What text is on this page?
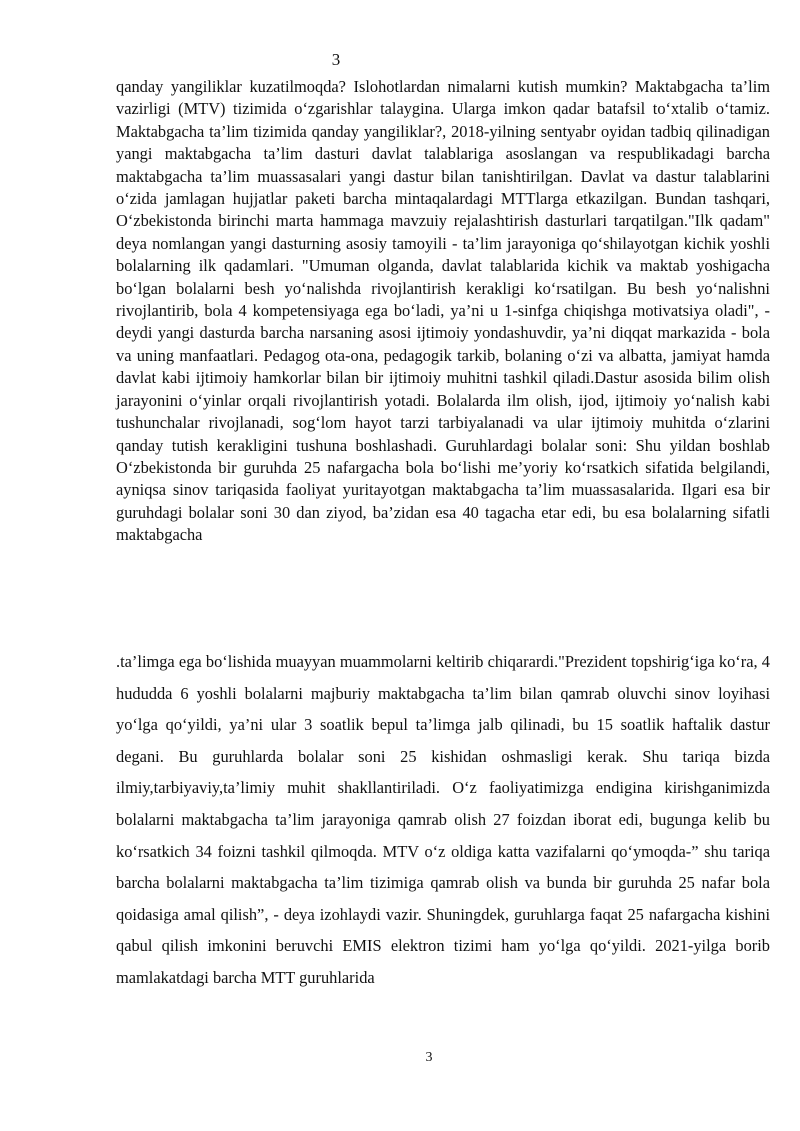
3

qanday yangiliklar kuzatilmoqda? Islohotlardan nimalarni kutish mumkin? Maktabgacha ta’lim vazirligi (MTV) tizimida o‘zgarishlar talaygina. Ularga imkon qadar batafsil to‘xtalib o‘tamiz. Maktabgacha ta’lim tizimida qanday yangiliklar?, 2018-yilning sentyabr oyidan tadbiq qilinadigan yangi maktabgacha ta’lim dasturi davlat talablariga asoslangan va respublikadagi barcha maktabgacha ta’lim muassasalari yangi dastur bilan tanishtirilgan. Davlat va dastur talablarini o‘zida jamlagan hujjatlar paketi barcha mintaqalardagi MTTlarga etkazilgan. Bundan tashqari, O‘zbekistonda birinchi marta hammaga mavzuiy rejalashtirish dasturlari tarqatilgan."Ilk qadam" deya nomlangan yangi dasturning asosiy tamoyili - ta’lim jarayoniga qo‘shilayotgan kichik yoshli bolalarning ilk qadamlari. "Umuman olganda, davlat talablarida kichik va maktab yoshigacha bo‘lgan bolalarni besh yo‘nalishda rivojlantirish kerakligi ko‘rsatilgan. Bu besh yo‘nalishni rivojlantirib, bola 4 kompetensiyaga ega bo‘ladi, ya’ni u 1-sinfga chiqishga motivatsiya oladi", - deydi yangi dasturda barcha narsaning asosi ijtimoiy yondashuvdir, ya’ni diqqat markazida - bola va uning manfaatlari. Pedagog ota-ona, pedagogik tarkib, bolaning o‘zi va albatta, jamiyat hamda davlat kabi ijtimoiy hamkorlar bilan bir ijtimoiy muhitni tashkil qiladi.Dastur asosida bilim olish jarayonini o‘yinlar orqali rivojlantirish yotadi. Bolalarda ilm olish, ijod, ijtimoiy yo‘nalish kabi tushunchalar rivojlanadi, sog‘lom hayot tarzi tarbiyalanadi va ular ijtimoiy muhitda o‘zlarini qanday tutish kerakligini tushuna boshlashadi. Guruhlardagi bolalar soni: Shu yildan boshlab O‘zbekistonda bir guruhda 25 nafargacha bola bo‘lishi me’yoriy ko‘rsatkich sifatida belgilandi, ayniqsa sinov tariqasida faoliyat yuritayotgan maktabgacha ta’lim muassasalarida. Ilgari esa bir guruhdagi bolalar soni 30 dan ziyod, ba’zidan esa 40 tagacha etar edi, bu esa bolalarning sifatli maktabgacha

.ta’limga ega bo‘lishida muayyan muammolarni keltirib chiqarardi."Prezident topshirig‘iga ko‘ra, 4 hududda 6 yoshli bolalarni majburiy maktabgacha ta’lim bilan qamrab oluvchi sinov loyihasi yo‘lga qo‘yildi, ya’ni ular 3 soatlik bepul ta’limga jalb qilinadi, bu 15 soatlik haftalik dastur degani. Bu guruhlarda bolalar soni 25 kishidan oshmasligi kerak. Shu tariqa bizda ilmiy,tarbiyaviy,ta’limiy muhit shakllantiriladi. O‘z faoliyatimizga endigina kirishganimizda bolalarni maktabgacha ta’lim jarayoniga qamrab olish 27 foizdan iborat edi, bugunga kelib bu ko‘rsatkich 34 foizni tashkil qilmoqda. MTV o‘z oldiga katta vazifalarni qo‘ymoqda-” shu tariqa barcha bolalarni maktabgacha ta’lim tizimiga qamrab olish va bunda bir guruhda 25 nafar bola qoidasiga amal qilish”, - deya izohlaydi vazir. Shuningdek, guruhlarga faqat 25 nafargacha kishini qabul qilish imkonini beruvchi EMIS elektron tizimi ham yo‘lga qo‘yildi. 2021-yilga borib mamlakatdagi barcha MTT guruhlarida

3
